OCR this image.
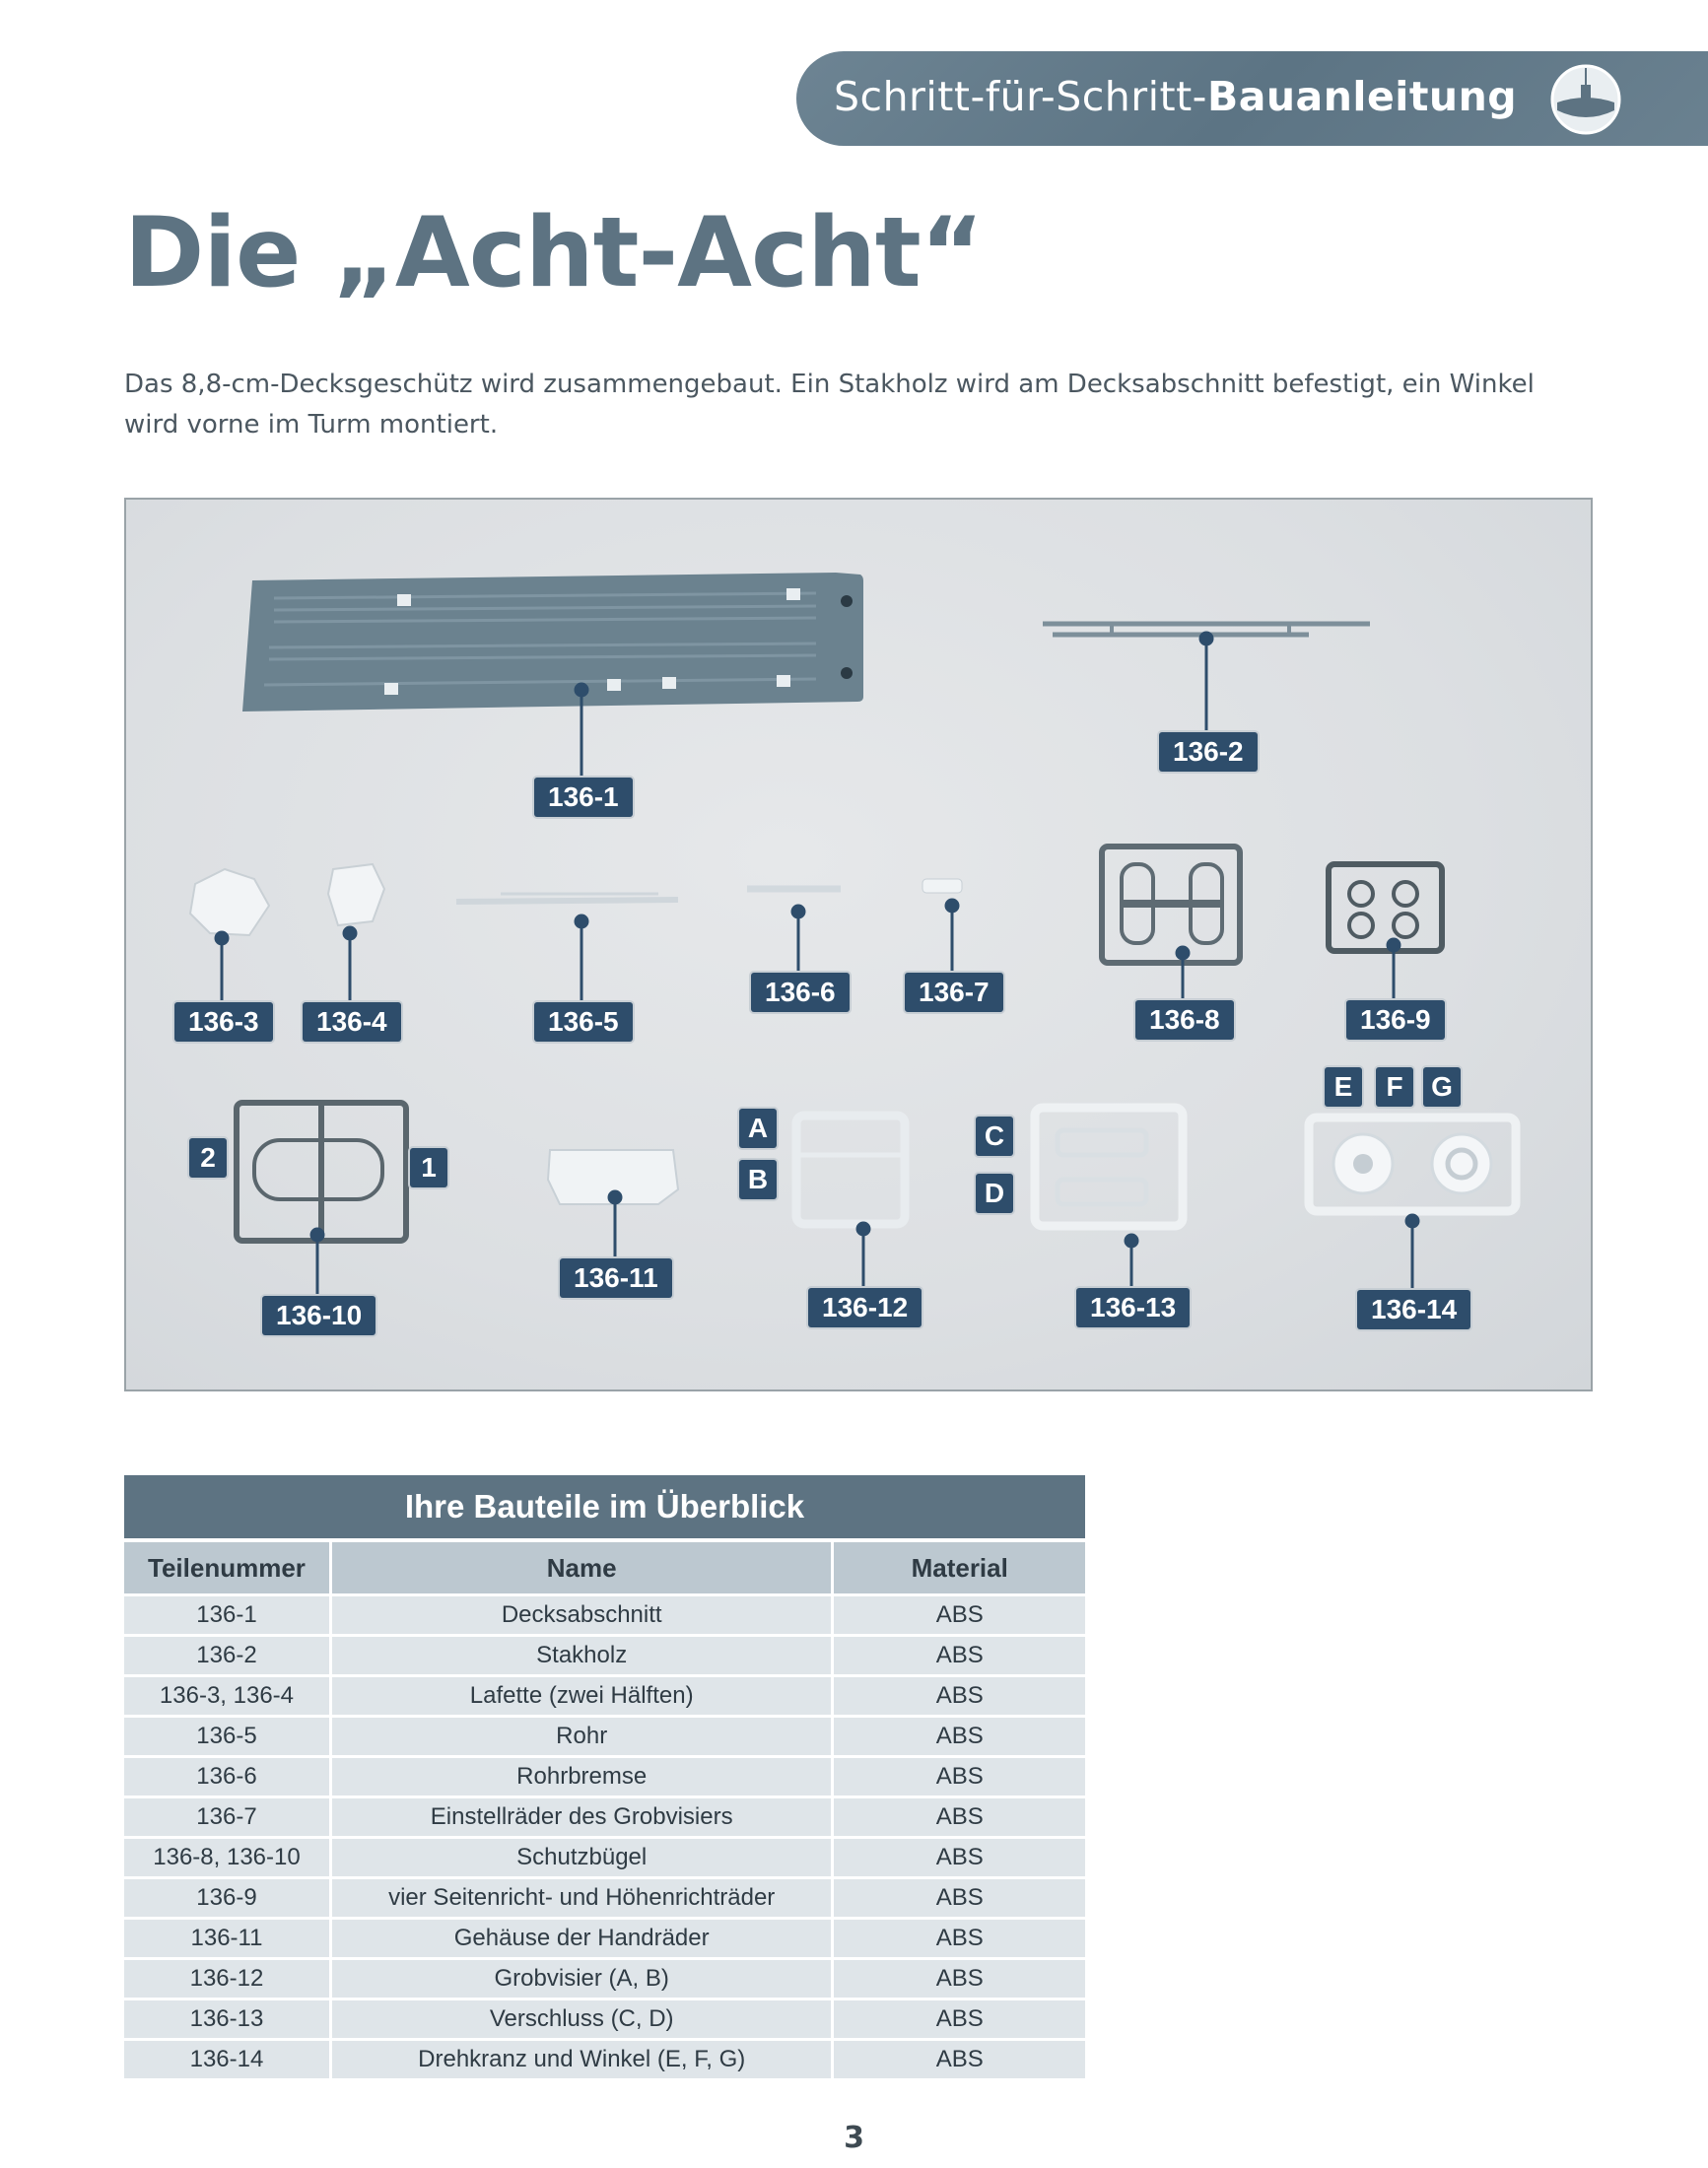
Schritt-für-Schritt-Bauanleitung
Die „Acht-Acht“

Das 8,8-cm-Decksgeschütz wird zusammengebaut. Ein Stakholz wird am Decksabschnitt befestigt, ein Winkel wird vorne im Turm montiert.

136-1
136-2
136-3	136-4	136-5
136-6	136-7
136-8	136-9
136-10
136-11
136-12	136-13	136-14
2	1
A
B
C
D
E	F	G
Ihre Bauteile im Überblick
Teilenummer	Name	Material
136-1	Decksabschnitt	ABS
136-2	Stakholz	ABS
136-3, 136-4	Lafette (zwei Hälften)	ABS
136-5	Rohr	ABS
136-6	Rohrbremse	ABS
136-7	Einstellräder des Grobvisiers	ABS
136-8, 136-10	Schutzbügel	ABS
136-9	vier Seitenricht- und Höhenrichträder	ABS
136-11	Gehäuse der Handräder	ABS
136-12	Grobvisier (A, B)	ABS
136-13	Verschluss (C, D)	ABS
136-14	Drehkranz und Winkel (E, F, G)	ABS
3
